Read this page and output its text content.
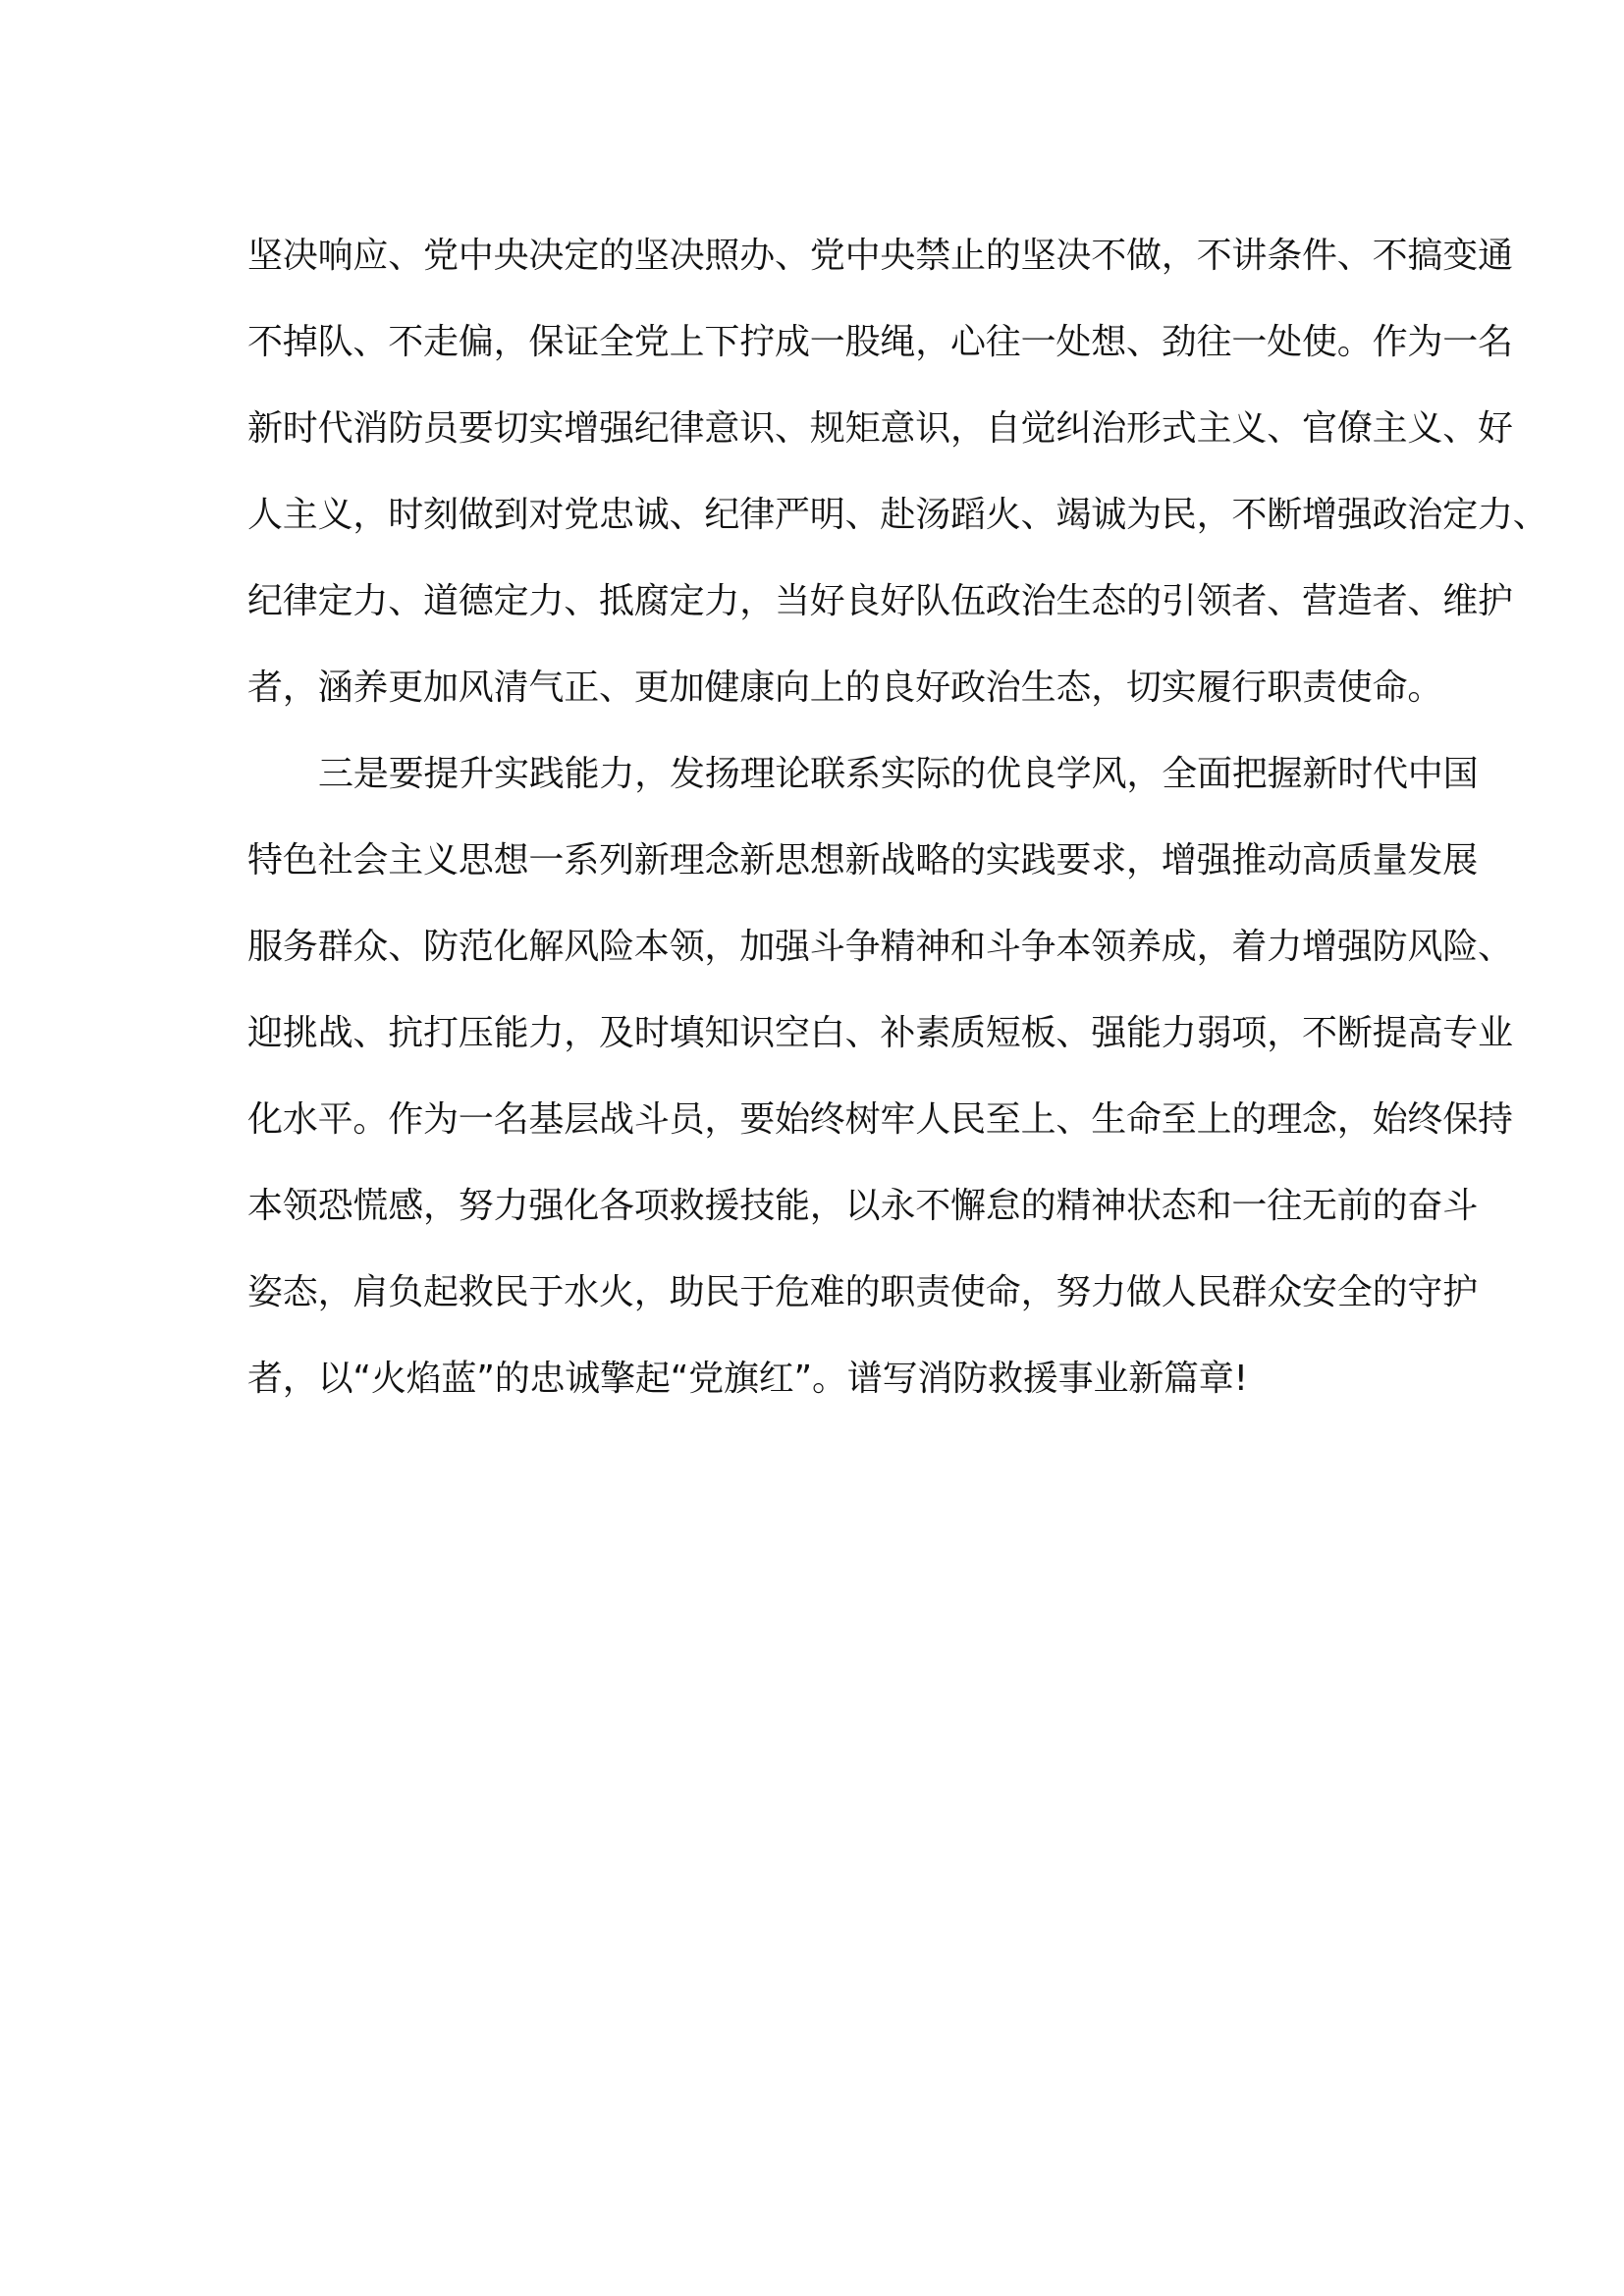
坚决响应、党中央决定的坚决照办、党中央禁止的坚决不做，不讲条件、不搞变通
不掉队、不走偏，保证全党上下拧成一股绳，心往一处想、劲往一处使。作为一名
新时代消防员要切实增强纪律意识、规矩意识，自觉纠治形式主义、官僚主义、好
人主义，时刻做到对党忠诚、纪律严明、赴汤蹈火、竭诚为民，不断增强政治定力、
纪律定力、道德定力、抵腐定力，当好良好队伍政治生态的引领者、营造者、维护
者，涵养更加风清气正、更加健康向上的良好政治生态，切实履行职责使命。
三是要提升实践能力，发扬理论联系实际的优良学风，全面把握新时代中国
特色社会主义思想一系列新理念新思想新战略的实践要求，增强推动高质量发展
服务群众、防范化解风险本领，加强斗争精神和斗争本领养成，着力增强防风险、
迎挑战、抗打压能力，及时填知识空白、补素质短板、强能力弱项，不断提高专业
化水平。作为一名基层战斗员，要始终树牢人民至上、生命至上的理念，始终保持
本领恐慌感，努力强化各项救援技能，以永不懈怠的精神状态和一往无前的奋斗
姿态，肩负起救民于水火，助民于危难的职责使命，努力做人民群众安全的守护
者，以“火焰蓝”的忠诚擎起“党旗红”。谱写消防救援事业新篇章!
